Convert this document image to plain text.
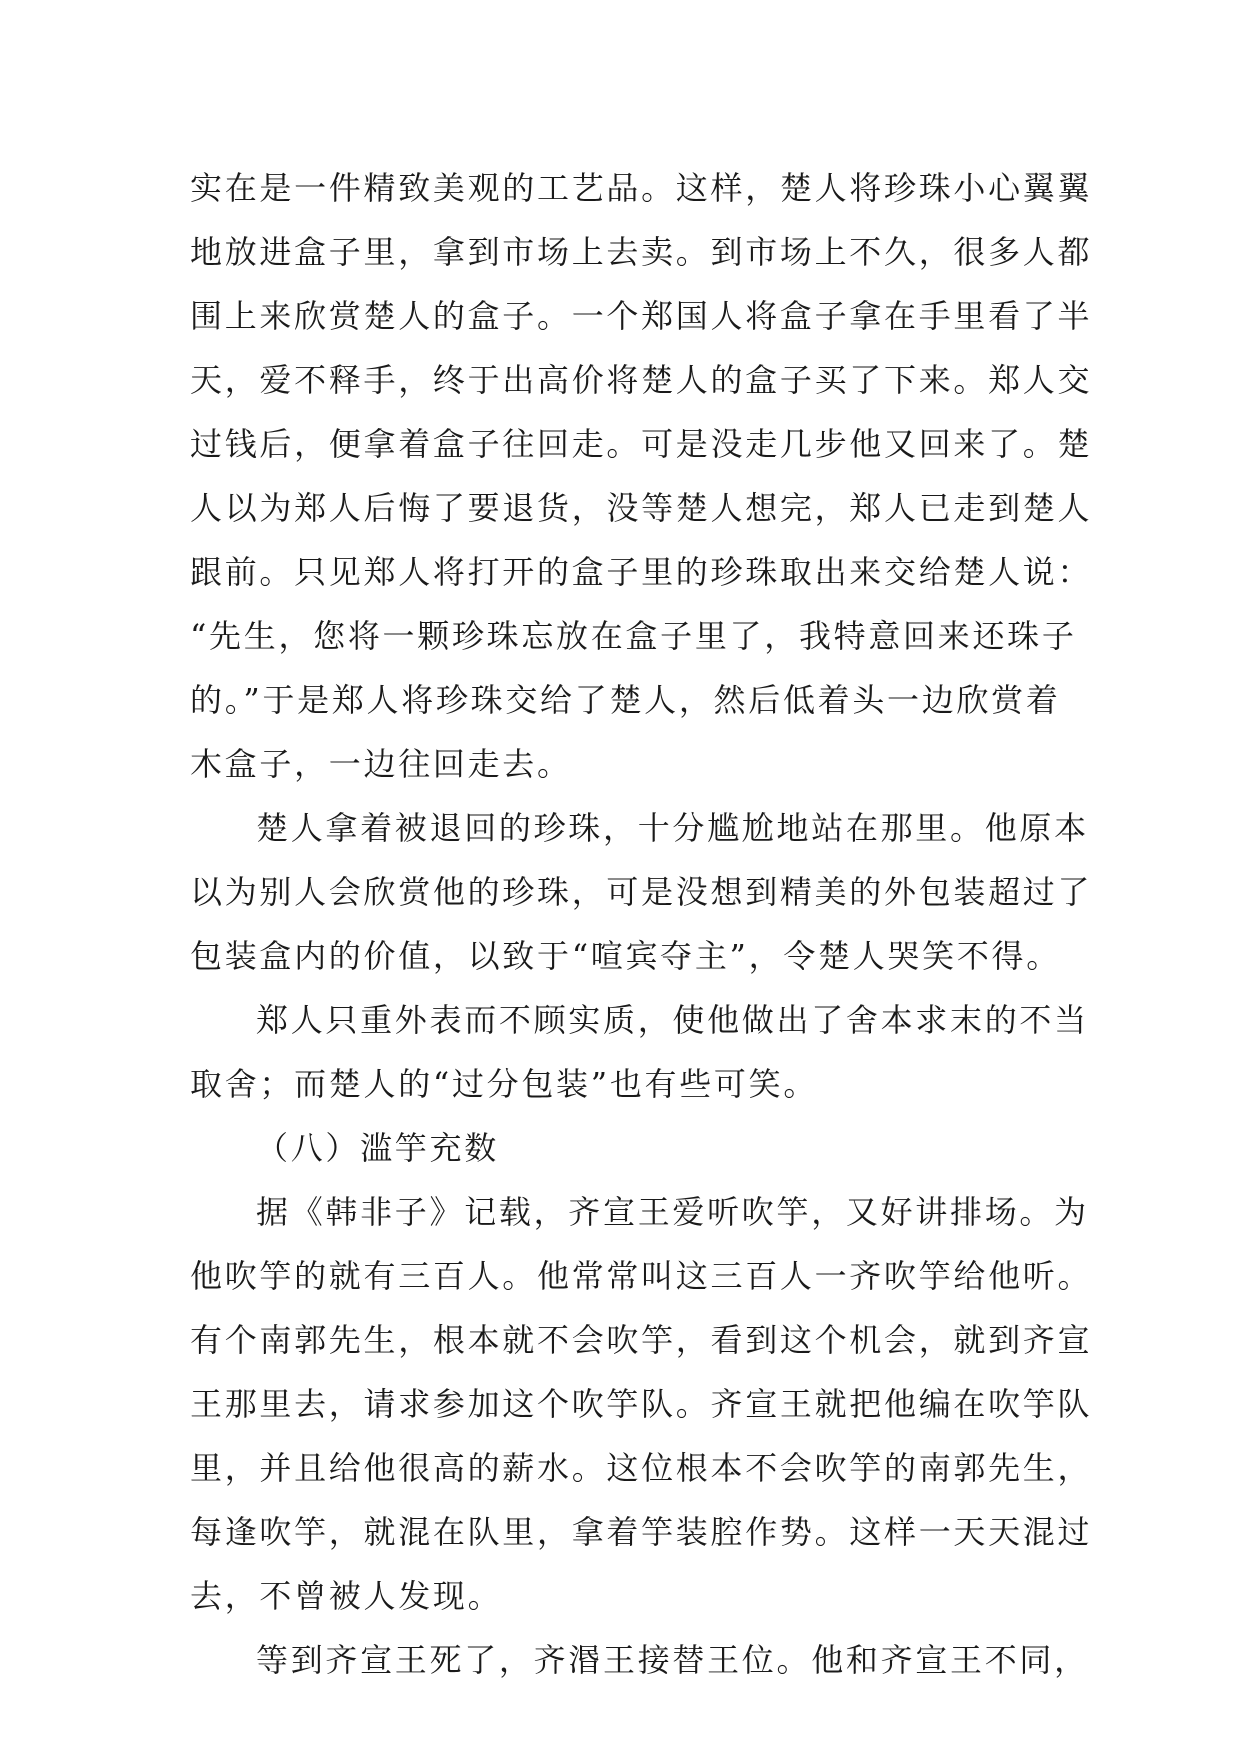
实在是一件精致美观的工艺品。这样，楚人将珍珠小心翼翼
地放进盒子里，拿到市场上去卖。到市场上不久，很多人都
围上来欣赏楚人的盒子。一个郑国人将盒子拿在手里看了半
天，爱不释手，终于出高价将楚人的盒子买了下来。郑人交
过钱后，便拿着盒子往回走。可是没走几步他又回来了。楚
人以为郑人后悔了要退货，没等楚人想完，郑人已走到楚人
跟前。只见郑人将打开的盒子里的珍珠取出来交给楚人说：
“先生，您将一颗珍珠忘放在盒子里了，我特意回来还珠子
的。”于是郑人将珍珠交给了楚人，然后低着头一边欣赏着
木盒子，一边往回走去。
楚人拿着被退回的珍珠，十分尴尬地站在那里。他原本
以为别人会欣赏他的珍珠，可是没想到精美的外包装超过了
包装盒内的价值，以致于“喧宾夺主”，令楚人哭笑不得。
郑人只重外表而不顾实质，使他做出了舍本求末的不当
取舍；而楚人的“过分包装”也有些可笑。
（八）滥竽充数
据《韩非子》记载，齐宣王爱听吹竽，又好讲排场。为
他吹竽的就有三百人。他常常叫这三百人一齐吹竽给他听。
有个南郭先生，根本就不会吹竽，看到这个机会，就到齐宣
王那里去，请求参加这个吹竽队。齐宣王就把他编在吹竽队
里，并且给他很高的薪水。这位根本不会吹竽的南郭先生，
每逢吹竽，就混在队里，拿着竽装腔作势。这样一天天混过
去，不曾被人发现。
等到齐宣王死了，齐湣王接替王位。他和齐宣王不同，
